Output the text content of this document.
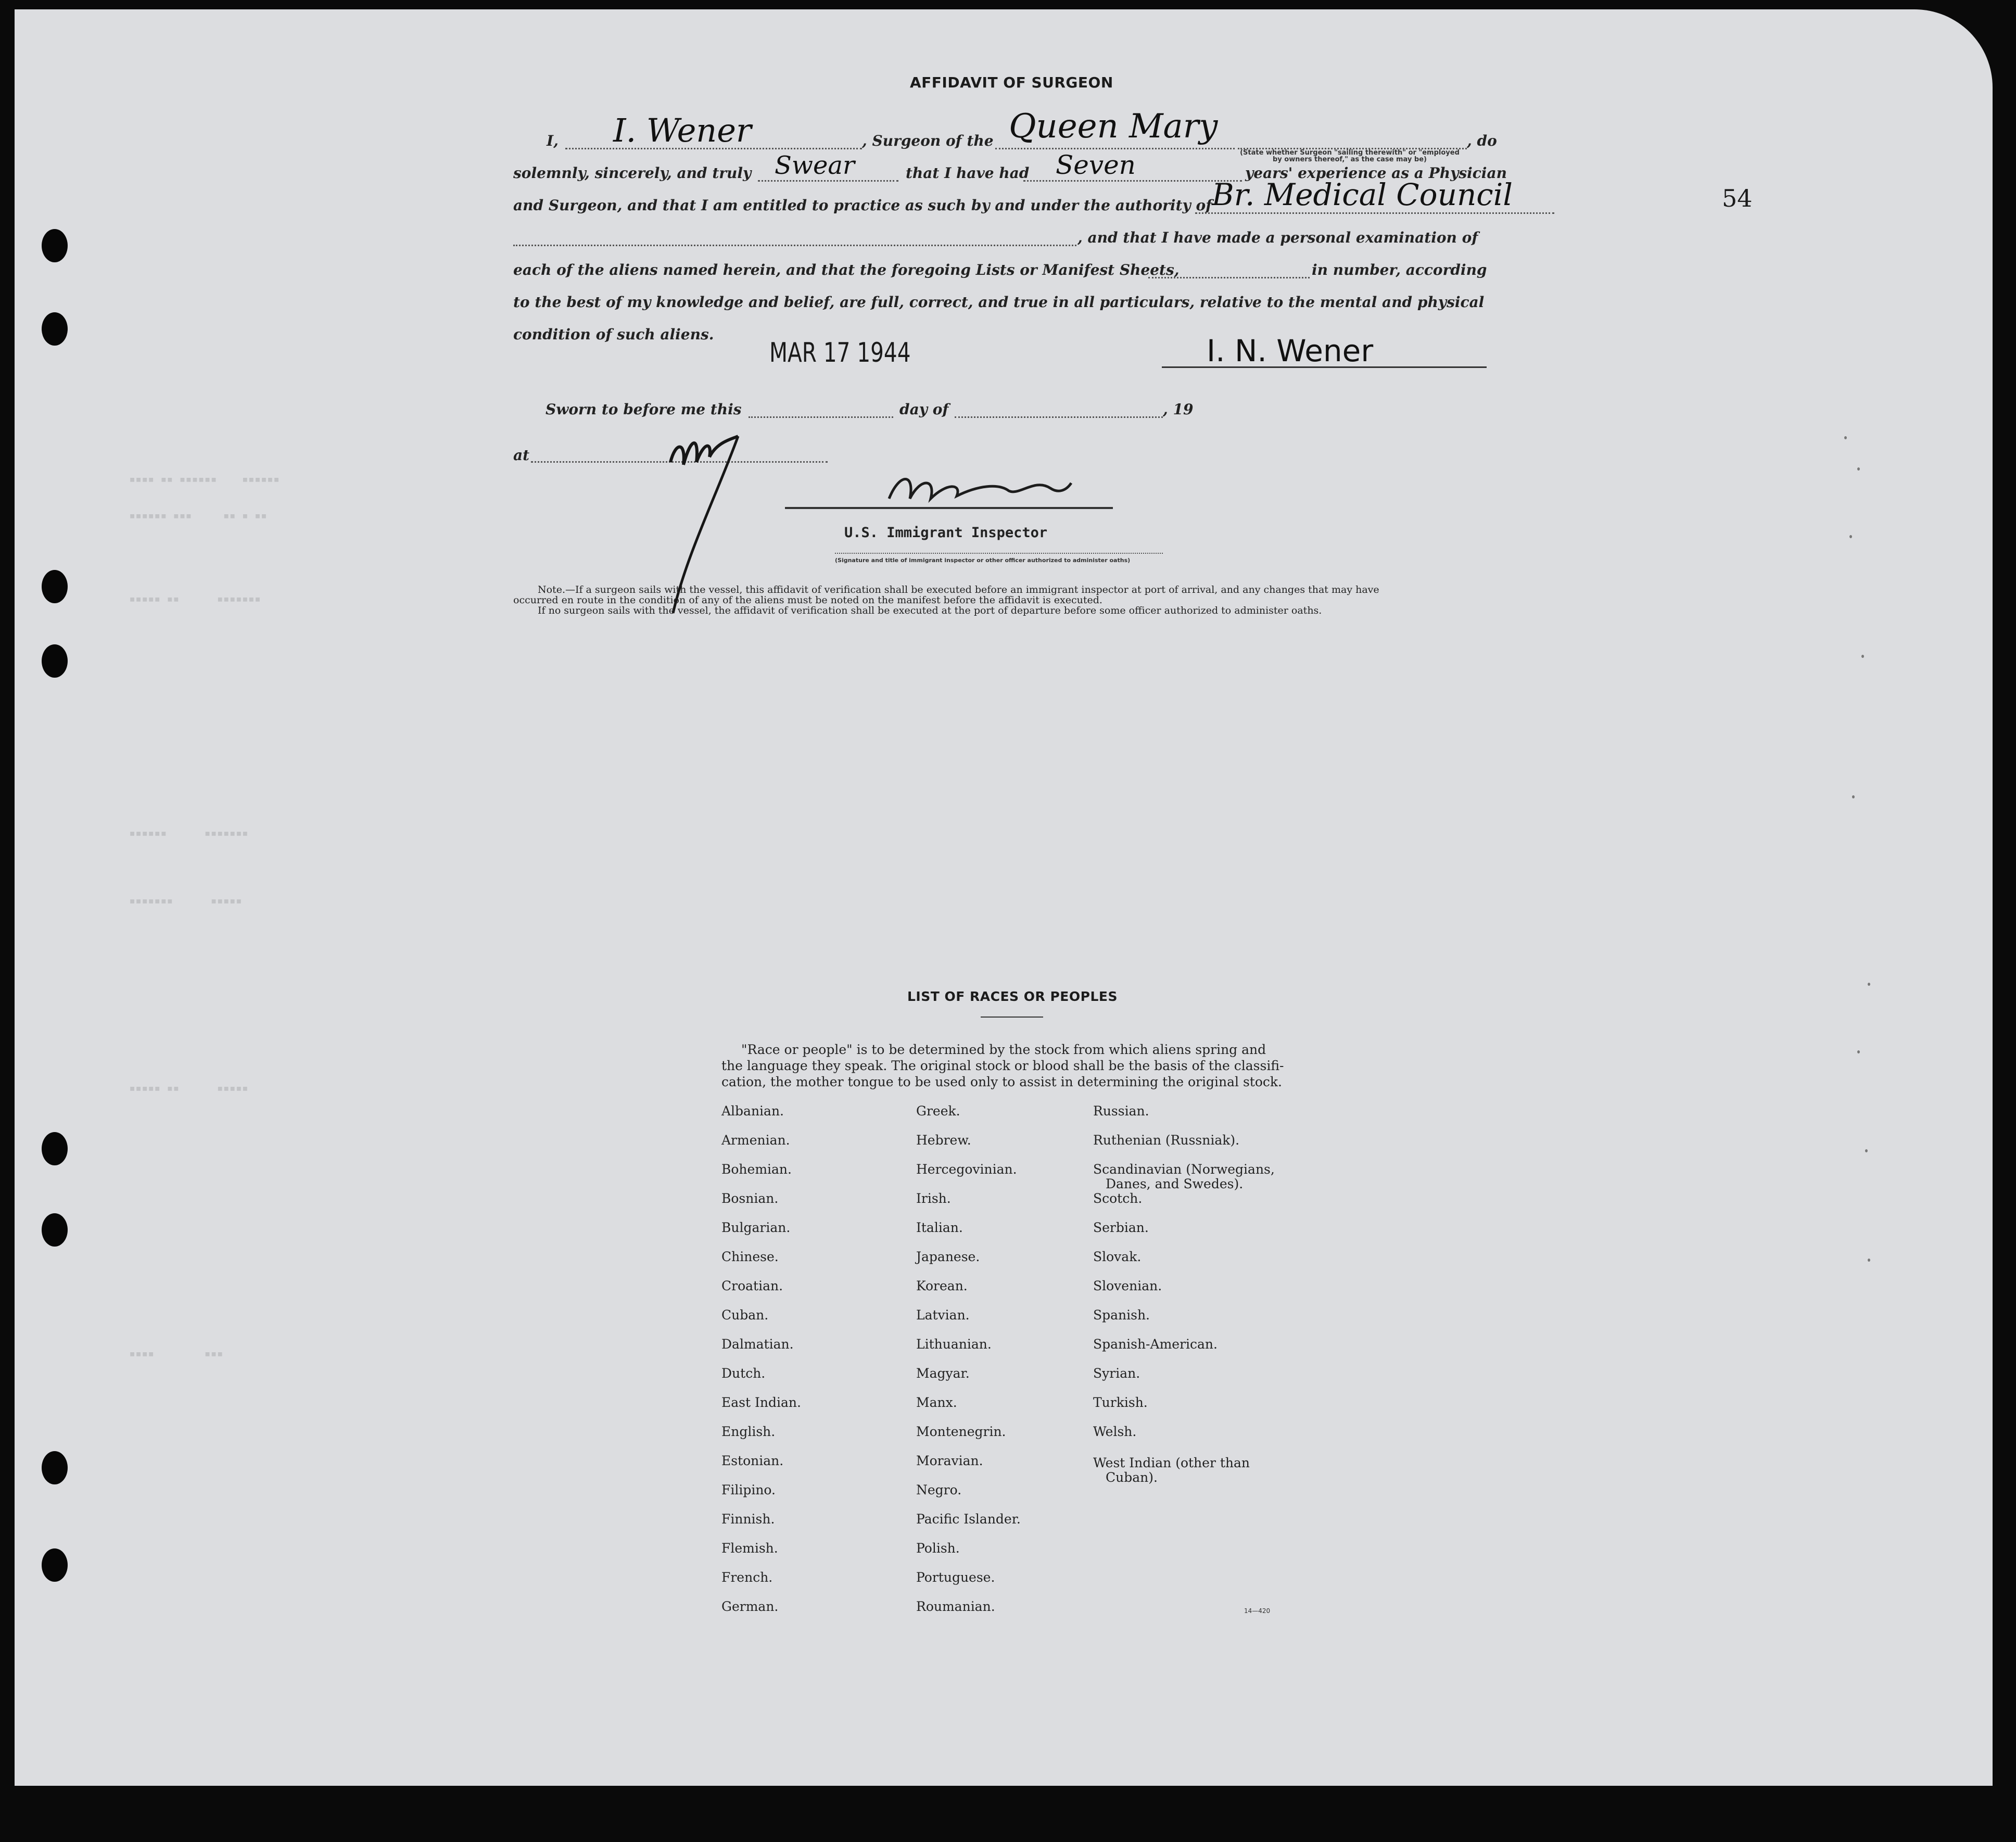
▪▪▪▪ ▪▪ ▪▪▪▪▪▪    ▪▪▪▪▪▪
▪▪▪▪▪▪ ▪▪▪     ▪▪ ▪ ▪▪
▪▪▪▪▪ ▪▪      ▪▪▪▪▪▪▪
▪▪▪▪▪▪      ▪▪▪▪▪▪▪
▪▪▪▪▪▪▪      ▪▪▪▪▪
▪▪▪▪▪ ▪▪      ▪▪▪▪▪
▪▪▪▪        ▪▪▪
AFFIDAVIT OF SURGEON
54
I, I. Wener	, Surgeon of the Queen Mary	, do
(State whether Surgeon "sailing therewith" or "employed by owners thereof," as the case may be)
solemnly, sincerely, and truly Swear	that I have had Seven	years' experience as a Physician
and Surgeon, and that I am entitled to practice as such by and under the authority of Br. Medical Council
, and that I have made a personal examination of
each of the aliens named herein, and that the foregoing Lists or Manifest Sheets,	in number, according
to the best of my knowledge and belief, are full, correct, and true in all particulars, relative to the mental and physical
condition of such aliens.
MAR 17 1944	I. N. Wener
Sworn to before me this	day of	, 19
at
U.S. Immigrant Inspector
(Signature and title of immigrant inspector or other officer authorized to administer oaths)
Note.—If a surgeon sails with the vessel, this affidavit of verification shall be executed before an immigrant inspector at port of arrival, and any changes that may have
occurred en route in the condition of any of the aliens must be noted on the manifest before the affidavit is executed.
If no surgeon sails with the vessel, the affidavit of verification shall be executed at the port of departure before some officer authorized to administer oaths.
LIST OF RACES OR PEOPLES
"Race or people" is to be determined by the stock from which aliens spring and
the language they speak. The original stock or blood shall be the basis of the classifi-
cation, the mother tongue to be used only to assist in determining the original stock.
Albanian.
Armenian.
Bohemian.
Bosnian.
Bulgarian.
Chinese.
Croatian.
Cuban.
Dalmatian.
Dutch.
East Indian.
English.
Estonian.
Filipino.
Finnish.
Flemish.
French.
German.
Greek.
Hebrew.
Hercegovinian.
Irish.
Italian.
Japanese.
Korean.
Latvian.
Lithuanian.
Magyar.
Manx.
Montenegrin.
Moravian.
Negro.
Pacific Islander.
Polish.
Portuguese.
Roumanian.
Russian.
Ruthenian (Russniak).
Scandinavian (Norwegians,
Danes, and Swedes).
Scotch.
Serbian.
Slovak.
Slovenian.
Spanish.
Spanish-American.
Syrian.
Turkish.
Welsh.
West Indian (other than
Cuban).
14—420
